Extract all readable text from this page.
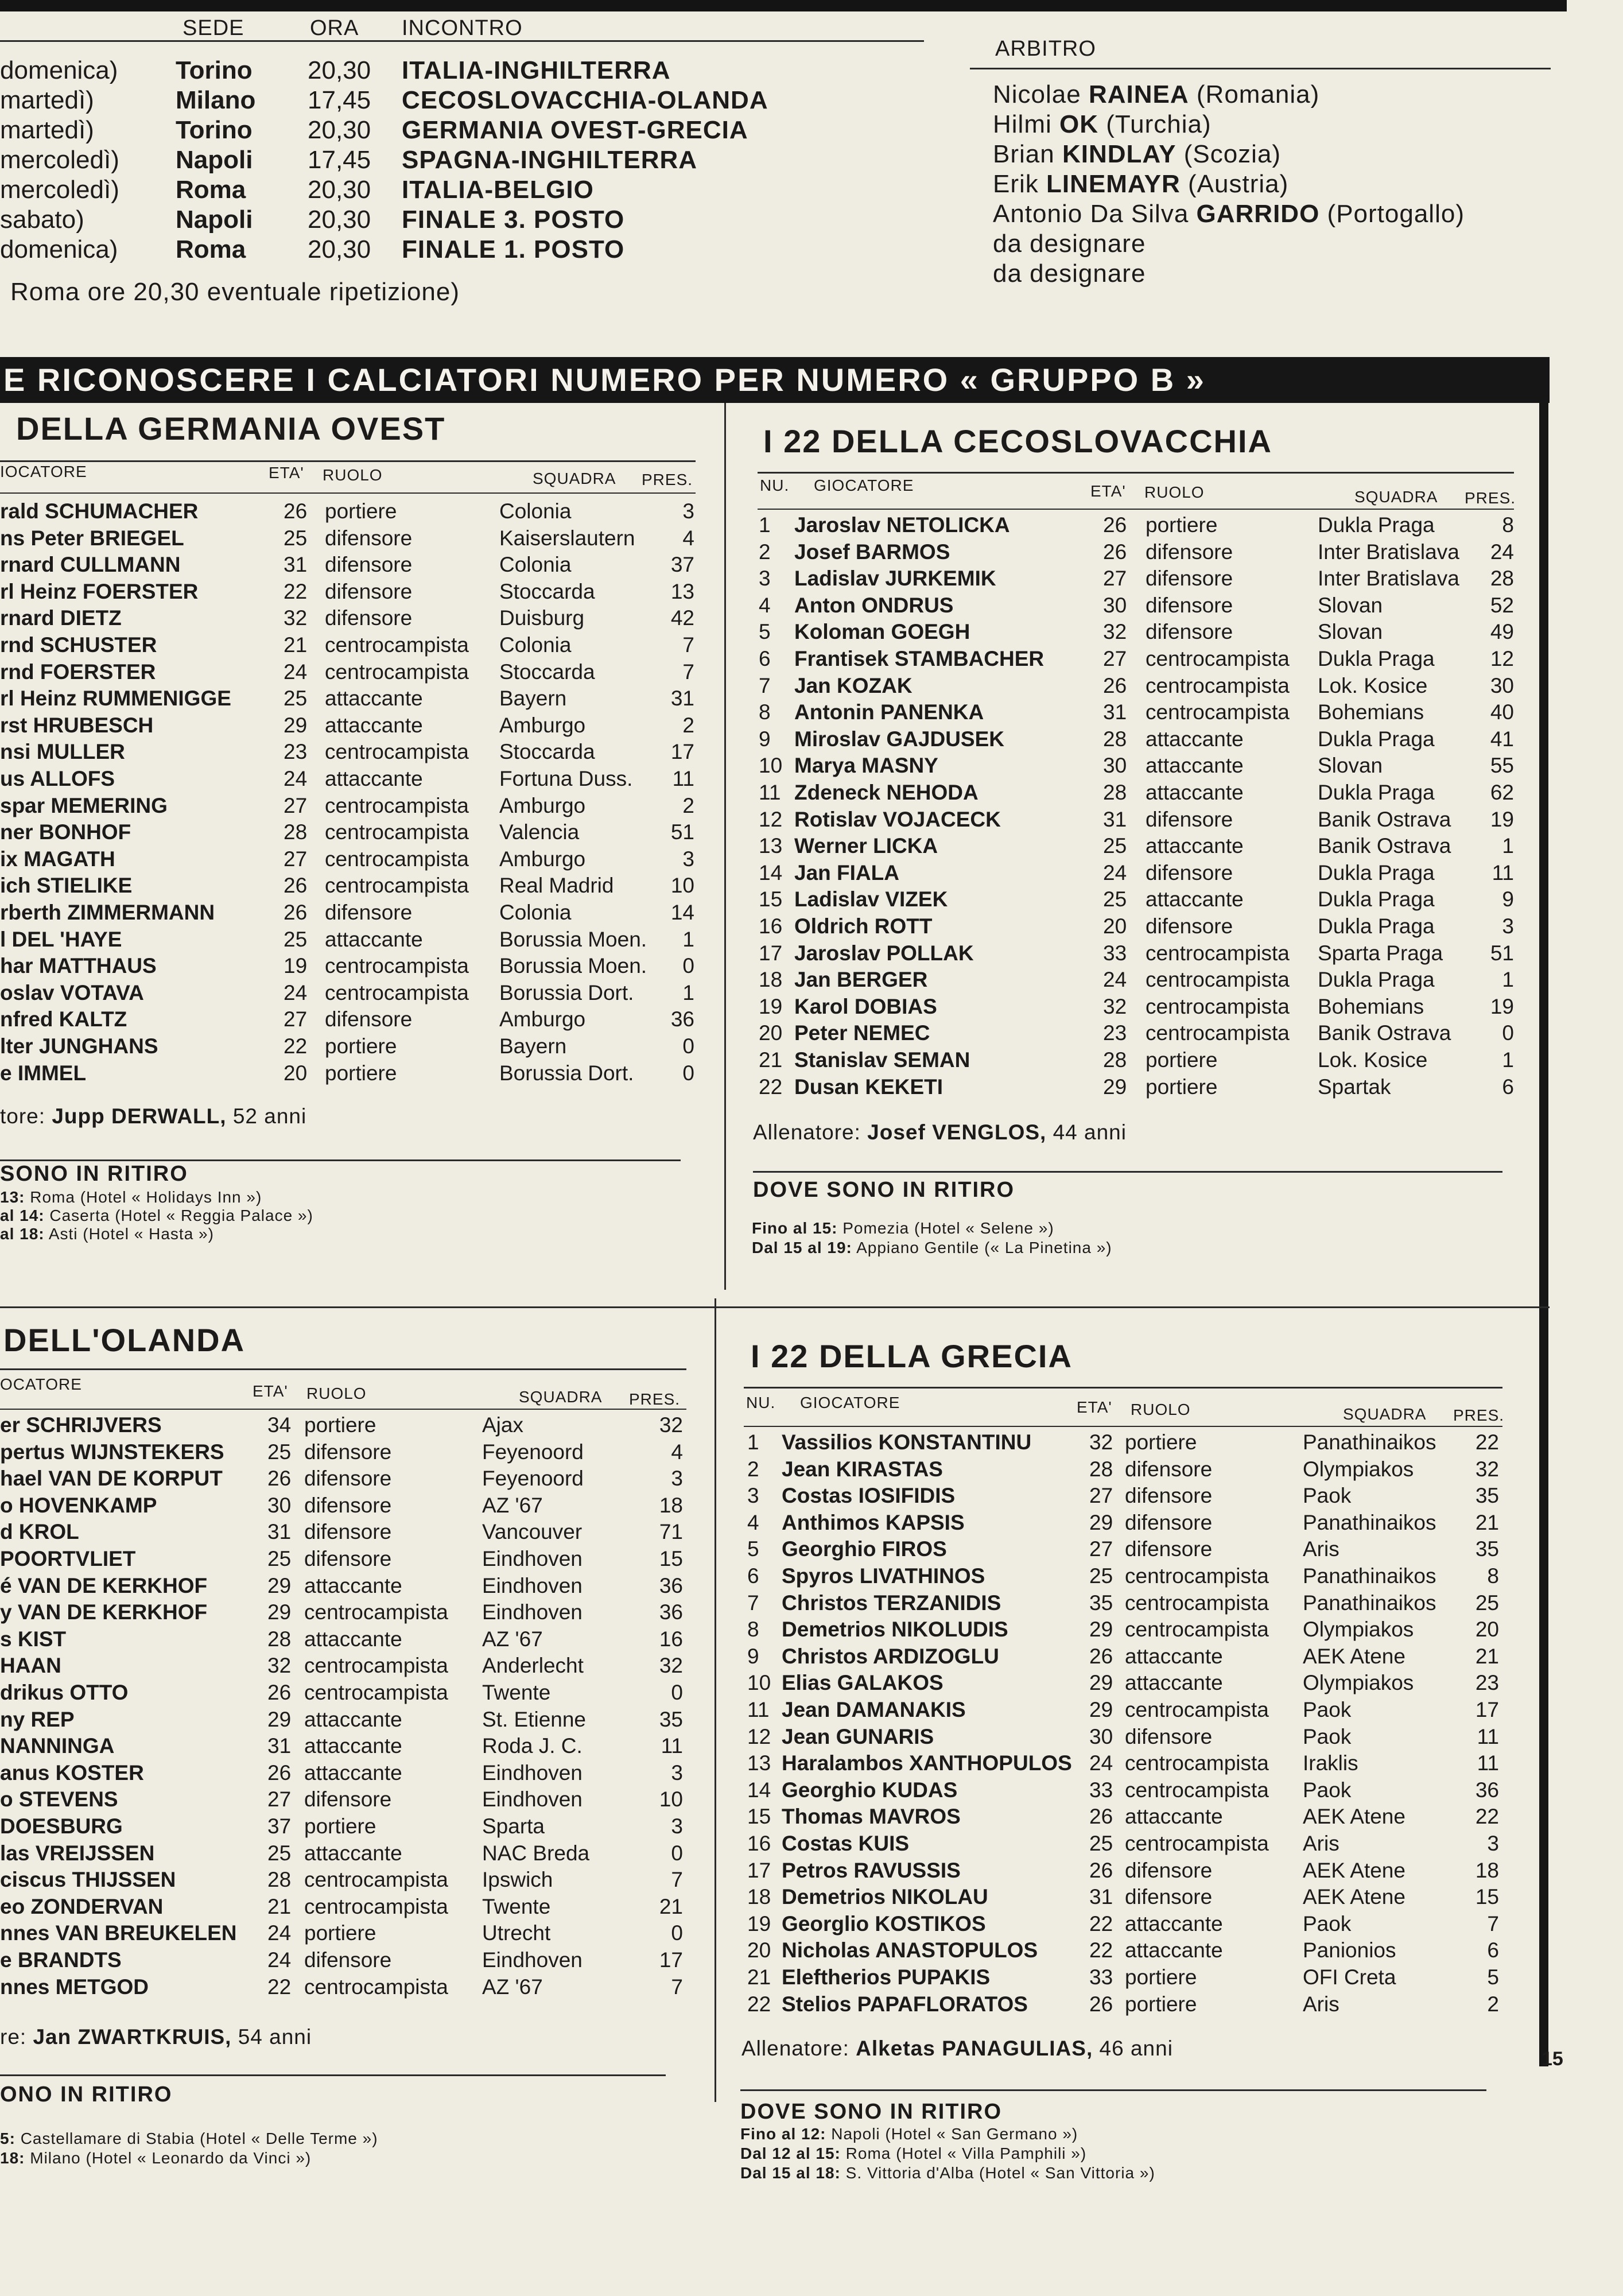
SEDE	ORA INCONTRO
ARBITRO
domenica) Torino 20,30 ITALIA-INGHILTERRA
martedì)	Milano 17,45 CECOSLOVACCHIA-OLANDA
martedì)	Torino 20,30 GERMANIA OVEST-GRECIA
mercoledì) Napoli 17,45 SPAGNA-INGHILTERRA
mercoledì) Roma 20,30 ITALIA-BELGIO
sabato)	Napoli 20,30 FINALE 3. POSTO
domenica) Roma 20,30 FINALE 1. POSTO
Nicolae RAINEA (Romania)
Hilmi OK (Turchia)
Brian KINDLAY (Scozia)
Erik LINEMAYR (Austria)
Antonio Da Silva GARRIDO (Portogallo)
da designare
da designare
Roma ore 20,30 eventuale ripetizione)
E RICONOSCERE I CALCIATORI NUMERO PER NUMERO « GRUPPO B »
DELLA GERMANIA OVEST
IOCATORE	ETA' RUOLO	SQUADRA PRES.
rald SCHUMACHER	26 portiere	Colonia	3
ns Peter BRIEGEL	25 difensore	Kaiserslautern	4
rnard CULLMANN	31 difensore	Colonia	37
rl Heinz FOERSTER	22 difensore	Stoccarda	13
rnard DIETZ	32 difensore	Duisburg	42
rnd SCHUSTER	21 centrocampista Colonia	7
rnd FOERSTER	24 centrocampista Stoccarda	7
rl Heinz RUMMENIGGE 25 attaccante	Bayern	31
rst HRUBESCH	29 attaccante	Amburgo	2
nsi MULLER	23 centrocampista Stoccarda	17
us ALLOFS	24 attaccante	Fortuna Duss.	11
spar MEMERING	27 centrocampista Amburgo	2
ner BONHOF	28 centrocampista Valencia	51
ix MAGATH	27 centrocampista Amburgo	3
ich STIELIKE	26 centrocampista Real Madrid	10
rberth ZIMMERMANN	26 difensore	Colonia	14
l DEL 'HAYE	25 attaccante	Borussia Moen.	1
har MATTHAUS	19 centrocampista Borussia Moen.	0
oslav VOTAVA	24 centrocampista Borussia Dort.	1
nfred KALTZ	27 difensore	Amburgo	36
lter JUNGHANS	22 portiere	Bayern	0
e IMMEL	20 portiere	Borussia Dort.	0
tore: Jupp DERWALL, 52 anni
SONO IN RITIRO
13: Roma (Hotel « Holidays Inn »)
al 14: Caserta (Hotel « Reggia Palace »)
al 18: Asti (Hotel « Hasta »)
I 22 DELLA CECOSLOVACCHIA
NU. GIOCATORE	ETA' RUOLO	SQUADRA PRES.
1 Jaroslav NETOLICKA	26 portiere	Dukla Praga	8
2 Josef BARMOS	26 difensore	Inter Bratislava	24
3 Ladislav JURKEMIK	27 difensore	Inter Bratislava	28
4 Anton ONDRUS	30 difensore	Slovan	52
5 Koloman GOEGH	32 difensore	Slovan	49
6 Frantisek STAMBACHER	27 centrocampista Dukla Praga	12
7 Jan KOZAK	26 centrocampista Lok. Kosice	30
8 Antonin PANENKA	31 centrocampista Bohemians	40
9 Miroslav GAJDUSEK	28 attaccante	Dukla Praga	41
10 Marya MASNY	30 attaccante	Slovan	55
11 Zdeneck NEHODA	28 attaccante	Dukla Praga	62
12 Rotislav VOJACECK	31 difensore	Banik Ostrava	19
13 Werner LICKA	25 attaccante	Banik Ostrava	1
14 Jan FIALA	24 difensore	Dukla Praga	11
15 Ladislav VIZEK	25 attaccante	Dukla Praga	9
16 Oldrich ROTT	20 difensore	Dukla Praga	3
17 Jaroslav POLLAK	33 centrocampista Sparta Praga	51
18 Jan BERGER	24 centrocampista Dukla Praga	1
19 Karol DOBIAS	32 centrocampista Bohemians	19
20 Peter NEMEC	23 centrocampista Banik Ostrava	0
21 Stanislav SEMAN	28 portiere	Lok. Kosice	1
22 Dusan KEKETI	29 portiere	Spartak	6
Allenatore: Josef VENGLOS, 44 anni
DOVE SONO IN RITIRO
Fino al 15: Pomezia (Hotel « Selene »)
Dal 15 al 19: Appiano Gentile (« La Pinetina »)
DELL'OLANDA
OCATORE	ETA' RUOLO	SQUADRA PRES.
er SCHRIJVERS	34 portiere	Ajax	32
pertus WIJNSTEKERS 25 difensore	Feyenoord	4
hael VAN DE KORPUT 26 difensore	Feyenoord	3
o HOVENKAMP	30 difensore	AZ '67	18
d KROL	31 difensore	Vancouver	71
POORTVLIET	25 difensore	Eindhoven	15
é VAN DE KERKHOF	29 attaccante	Eindhoven	36
y VAN DE KERKHOF	29 centrocampista Eindhoven	36
s KIST	28 attaccante	AZ '67	16
HAAN	32 centrocampista Anderlecht	32
drikus OTTO	26 centrocampista Twente	0
ny REP	29 attaccante	St. Etienne	35
NANNINGA	31 attaccante	Roda J. C.	11
anus KOSTER	26 attaccante	Eindhoven	3
o STEVENS	27 difensore	Eindhoven	10
DOESBURG	37 portiere	Sparta	3
las VREIJSSEN	25 attaccante	NAC Breda	0
ciscus THIJSSEN	28 centrocampista Ipswich	7
eo ZONDERVAN	21 centrocampista Twente	21
nnes VAN BREUKELEN 24 portiere	Utrecht	0
e BRANDTS	24 difensore	Eindhoven	17
nnes METGOD	22 centrocampista AZ '67	7
re: Jan ZWARTKRUIS, 54 anni
ONO IN RITIRO
5: Castellamare di Stabia (Hotel « Delle Terme »)
18: Milano (Hotel « Leonardo da Vinci »)
I 22 DELLA GRECIA
NU. GIOCATORE	ETA' RUOLO	SQUADRA PRES.
1 Vassilios KONSTANTINU	32 portiere	Panathinaikos	22
2 Jean KIRASTAS	28 difensore	Olympiakos	32
3 Costas IOSIFIDIS	27 difensore	Paok	35
4 Anthimos KAPSIS	29 difensore	Panathinaikos	21
5 Georghio FIROS	27 difensore	Aris	35
6 Spyros LIVATHINOS	25 centrocampista Panathinaikos	8
7 Christos TERZANIDIS	35 centrocampista Panathinaikos	25
8 Demetrios NIKOLUDIS	29 centrocampista Olympiakos	20
9 Christos ARDIZOGLU	26 attaccante	AEK Atene	21
10 Elias GALAKOS	29 attaccante	Olympiakos	23
11 Jean DAMANAKIS	29 centrocampista Paok	17
12 Jean GUNARIS	30 difensore	Paok	11
13 Haralambos XANTHOPULOS 24 centrocampista Iraklis	11
14 Georghio KUDAS	33 centrocampista Paok	36
15 Thomas MAVROS	26 attaccante	AEK Atene	22
16 Costas KUIS	25 centrocampista Aris	3
17 Petros RAVUSSIS	26 difensore	AEK Atene	18
18 Demetrios NIKOLAU	31 difensore	AEK Atene	15
19 Georglio KOSTIKOS	22 attaccante	Paok	7
20 Nicholas ANASTOPULOS 22 attaccante	Panionios	6
21 Eleftherios PUPAKIS	33 portiere	OFI Creta	5
22 Stelios PAPAFLORATOS	26 portiere	Aris	2
Allenatore: Alketas PANAGULIAS, 46 anni
DOVE SONO IN RITIRO
Fino al 12: Napoli (Hotel « San Germano »)
Dal 12 al 15: Roma (Hotel « Villa Pamphili »)
Dal 15 al 18: S. Vittoria d'Alba (Hotel « San Vittoria »)
15
